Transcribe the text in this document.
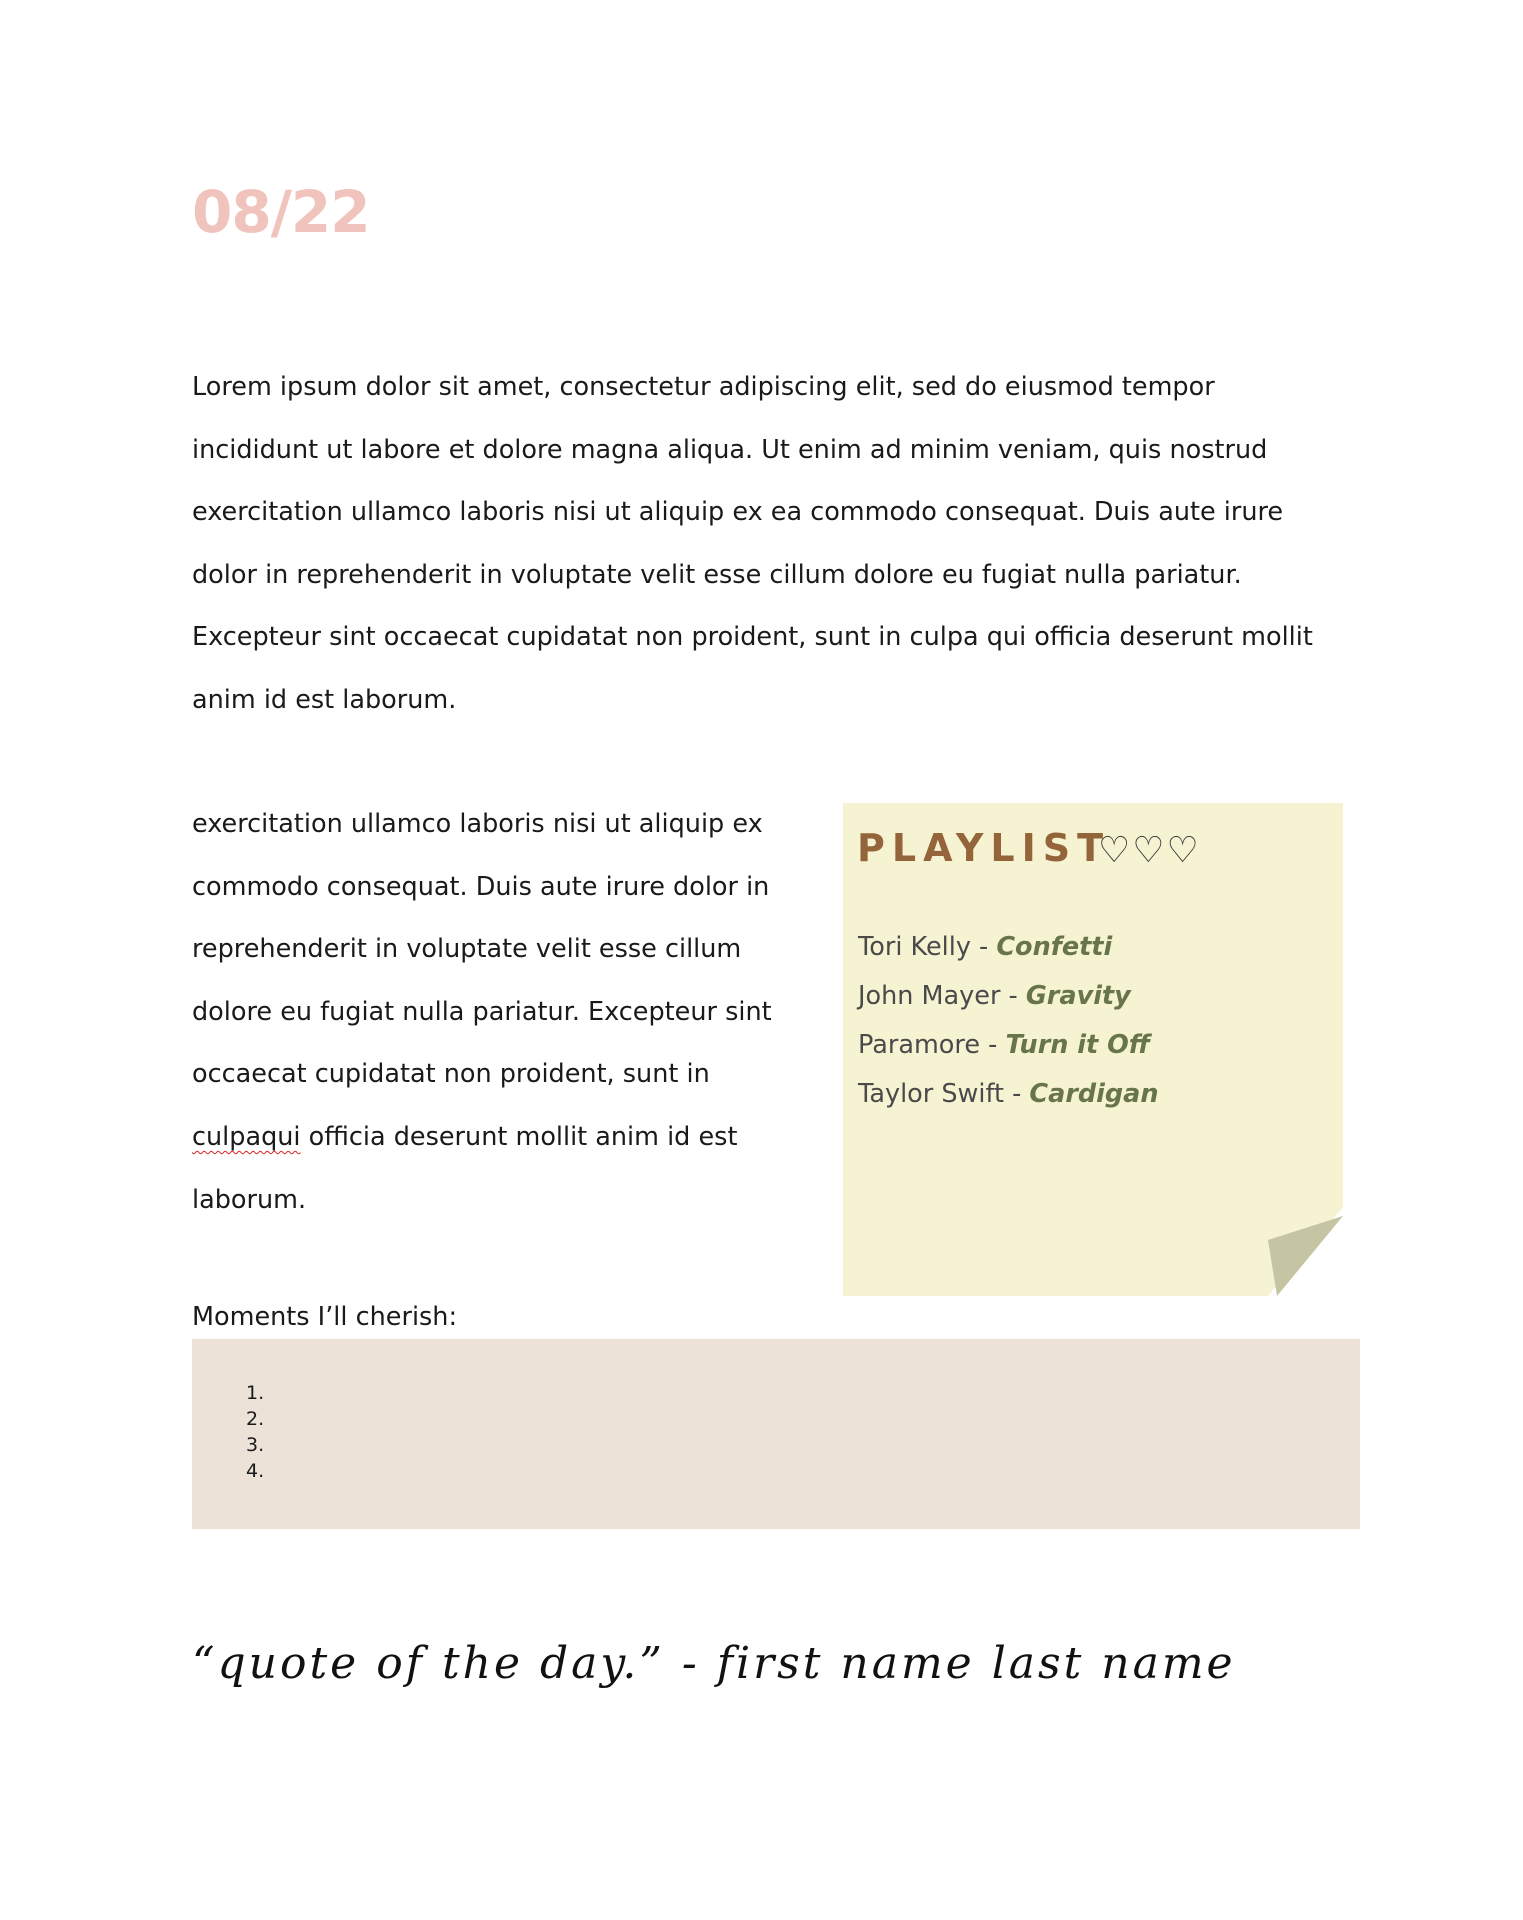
08/22

Lorem ipsum dolor sit amet, consectetur adipiscing elit, sed do eiusmod tempor incididunt ut labore et dolore magna aliqua. Ut enim ad minim veniam, quis nostrud exercitation ullamco laboris nisi ut aliquip ex ea commodo consequat. Duis aute irure dolor in reprehenderit in voluptate velit esse cillum dolore eu fugiat nulla pariatur. Excepteur sint occaecat cupidatat non proident, sunt in culpa qui officia deserunt mollit anim id est laborum.

exercitation ullamco laboris nisi ut aliquip ex commodo consequat. Duis aute irure dolor in reprehenderit in voluptate velit esse cillum dolore eu fugiat nulla pariatur. Excepteur sint occaecat cupidatat non proident, sunt in culpaqui officia deserunt mollit anim id est laborum.

PLAYLIST
♡♡♡
Tori Kelly - Confetti
John Mayer - Gravity
Paramore - Turn it Off
Taylor Swift - Cardigan

Moments I’ll cherish:

1.
2.
3.
4.

“quote of the day.” - first name last name
